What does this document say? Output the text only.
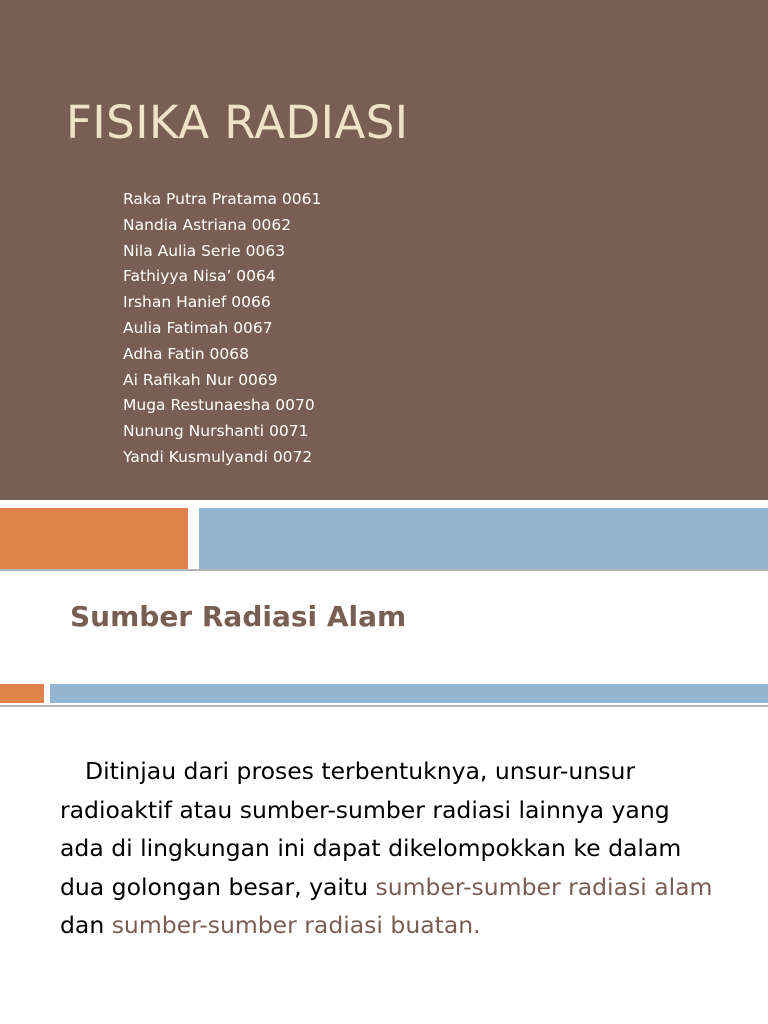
FISIKA RADIASI
Raka Putra Pratama 0061
Nandia Astriana 0062
Nila Aulia Serie 0063
Fathiyya Nisa’ 0064
Irshan Hanief 0066
Aulia Fatimah 0067
Adha Fatin 0068
Ai Rafikah Nur 0069
Muga Restunaesha 0070
Nunung Nurshanti 0071
Yandi Kusmulyandi 0072
Sumber Radiasi Alam

Ditinjau dari proses terbentuknya, unsur-unsur radioaktif atau sumber-sumber radiasi lainnya yang ada di lingkungan ini dapat dikelompokkan ke dalam dua golongan besar, yaitu sumber-sumber radiasi alam dan sumber-sumber radiasi buatan.
